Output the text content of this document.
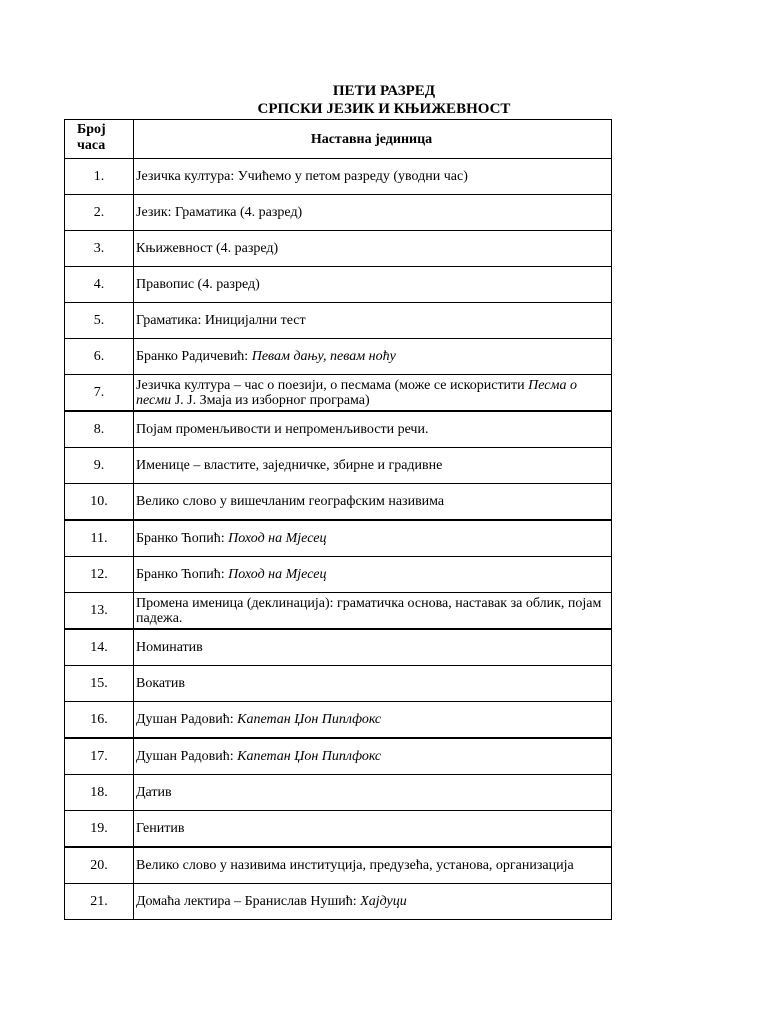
ПЕТИ РАЗРЕД
СРПСКИ ЈЕЗИК И КЊИЖЕВНОСТ
Број
часа	Наставна јединица
1.	Језичка култура: Учићемо у петом разреду (уводни час)
2.	Језик: Граматика (4. разред)
3.	Књижевност (4. разред)
4.	Правопис (4. разред)
5.	Граматика: Иницијални тест
6.	Бранко Радичевић: Певам дању, певам ноћу
7.	Језичка култура – час о поезији, о песмама (може се искористити Песма о песми Ј. Ј. Змаја из изборног програма)
8.	Појам променљивости и непроменљивости речи.
9.	Именице – властите, заједничке, збирне и градивне
10.	Велико слово у вишечланим географским називима
11.	Бранко Ћопић: Поход на Мјесец
12.	Бранко Ћопић: Поход на Мјесец
13.	Промена именица (деклинација): граматичка основа, наставак за облик, појам падежа.
14.	Номинатив
15.	Вокатив
16.	Душан Радовић: Капетан Џон Пиплфокс
17.	Душан Радовић: Капетан Џон Пиплфокс
18.	Датив
19.	Генитив
20.	Велико слово у називима институција, предузећа, установа, организација
21.	Домаћа лектира – Бранислав Нушић: Хајдуци
